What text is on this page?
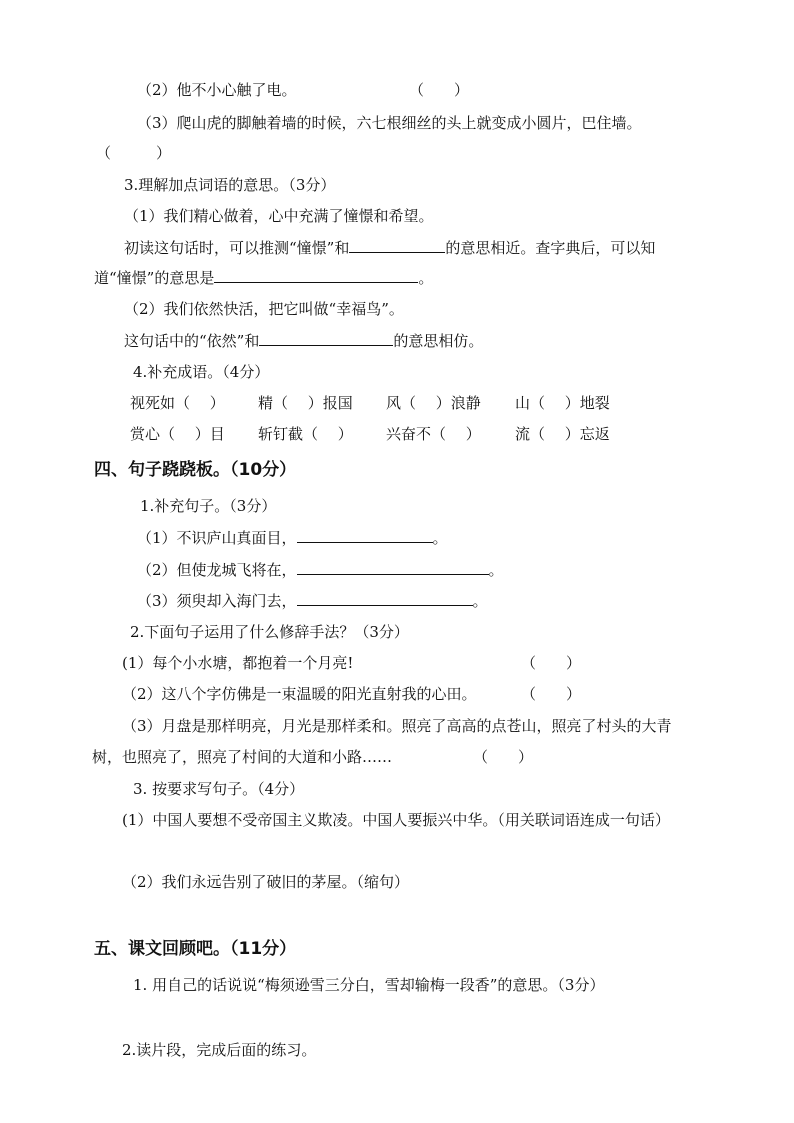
（2）他不小心触了电。	（　　）
（3）爬山虎的脚触着墙的时候，六七根细丝的头上就变成小圆片，巴住墙。
（　　　）
3.理解加点词语的意思。（3分）
（1）我们精心做着，心中充满了憧憬和希望。
初读这句话时，可以推测“憧憬”和	的意思相近。查字典后，可以知
道“憧憬”的意思是	。
（2）我们依然快活，把它叫做“幸福鸟”。
这句话中的“依然”和	的意思相仿。
4.补充成语。（4分）
视死如（　 ） 精（　 ）报国 风（　 ）浪静 山（　 ）地裂
赏心（　 ）目 斩钉截（　 ） 兴奋不（　 ） 流（　 ）忘返
四、句子跷跷板。（10分）
1.补充句子。（3分）
（1）不识庐山真面目，	。
（2）但使龙城飞将在，	。
（3）须臾却入海门去，	。
2.下面句子运用了什么修辞手法？（3分）
(1）每个小水塘，都抱着一个月亮!	（　　）
（2）这八个字仿佛是一束温暖的阳光直射我的心田。	（　　）
（3）月盘是那样明亮，月光是那样柔和。照亮了高高的点苍山，照亮了村头的大青
树，也照亮了，照亮了村间的大道和小路……	（　　）
3. 按要求写句子。（4分）
(1）中国人要想不受帝国主义欺凌。中国人要振兴中华。（用关联词语连成一句话）
（2）我们永远告别了破旧的茅屋。（缩句）
五、课文回顾吧。（11分）
1. 用自己的话说说“梅须逊雪三分白，雪却输梅一段香”的意思。（3分）
2.读片段，完成后面的练习。
